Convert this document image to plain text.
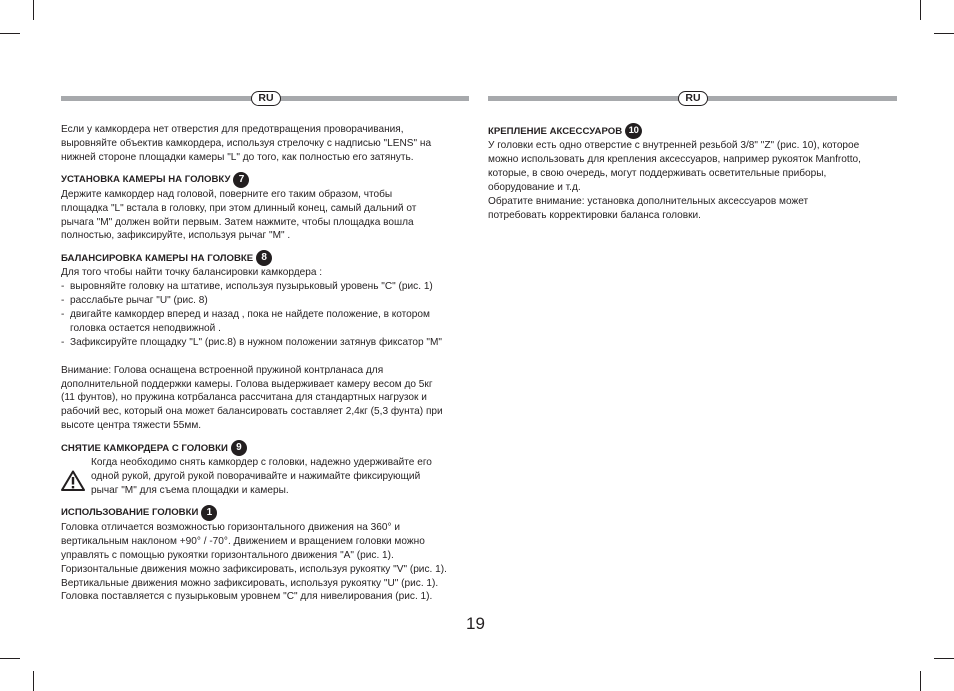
RU	RU
Если у камкордера нет отверстия для предотвращения проворачивания,
выровняйте объектив камкордера, используя стрелочку с надписью "LENS" на
нижней стороне площадки камеры "L" до того, как полностью его затянуть.
УСТАНОВКА КАМЕРЫ НА ГОЛОВКУ 7
Держите камкордер над головой, поверните его таким образом, чтобы
площадка "L" встала в головку, при этом длинный конец, самый дальний от
рычага "M" должен войти первым. Затем нажмите, чтобы площадка вошла
полностью, зафиксируйте, используя рычаг "M" .
БАЛАНСИРОВКА КАМЕРЫ НА ГОЛОВКЕ 8
Для того чтобы найти точку балансировки камкордера :
- выровняйте головку на штативе, используя пузырьковый уровень "C" (рис. 1)
- расслабьте рычаг "U" (рис. 8)
- двигайте камкордер вперед и назад , пока не найдете положение, в котором
головка остается неподвижной .
- Зафиксируйте площадку "L" (рис.8) в нужном положении затянув фиксатор "M"
Внимание: Голова оснащена встроенной пружиной контрланаса для
дополнительной поддержки камеры. Голова выдерживает камеру весом до 5кг
(11 фунтов), но пружина котрбаланса рассчитана для стандартных нагрузок и
рабочий вес, который она может балансировать составляет 2,4кг (5,3 фунта) при
высоте центра тяжести 55мм.
СНЯТИЕ КАМКОРДЕРА С ГОЛОВКИ 9
Когда необходимо снять камкордер с головки, надежно удерживайте его
одной рукой, другой рукой поворачивайте и нажимайте фиксирующий
рычаг "M" для съема площадки и камеры.
ИСПОЛЬЗОВАНИЕ ГОЛОВКИ 1
Головка отличается возможностью горизонтального движения на 360° и
вертикальным наклоном +90° / -70°. Движением и вращением головки можно
управлять с помощью рукоятки горизонтального движения "A" (рис. 1).
Горизонтальные движения можно зафиксировать, используя рукоятку "V" (рис. 1).
Вертикальные движения можно зафиксировать, используя рукоятку "U" (рис. 1).
Головка поставляется с пузырьковым уровнем "C" для нивелирования (рис. 1).
КРЕПЛЕНИЕ АКСЕССУАРОВ 10
У головки есть одно отверстие с внутренней резьбой 3/8" "Z" (рис. 10), которое
можно использовать для крепления аксессуаров, например рукояток Manfrotto,
которые, в свою очередь, могут поддерживать осветительные приборы,
оборудование и т.д.
Обратите внимание: установка дополнительных аксессуаров может
потребовать корректировки баланса головки.
19
